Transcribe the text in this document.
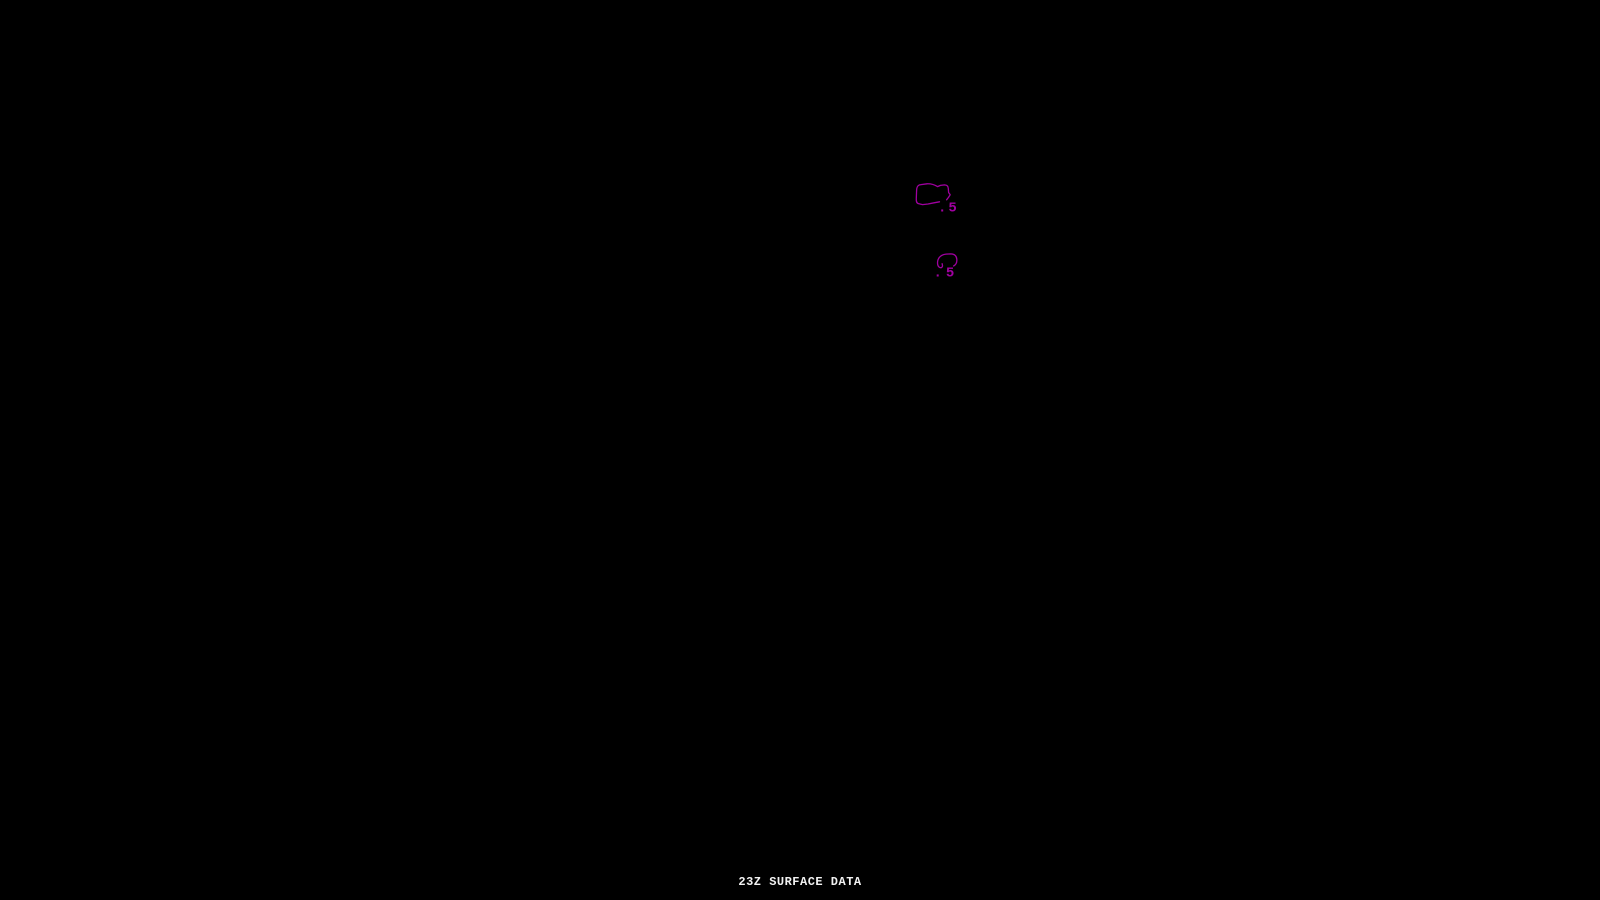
.5
.5
23Z SURFACE DATA
